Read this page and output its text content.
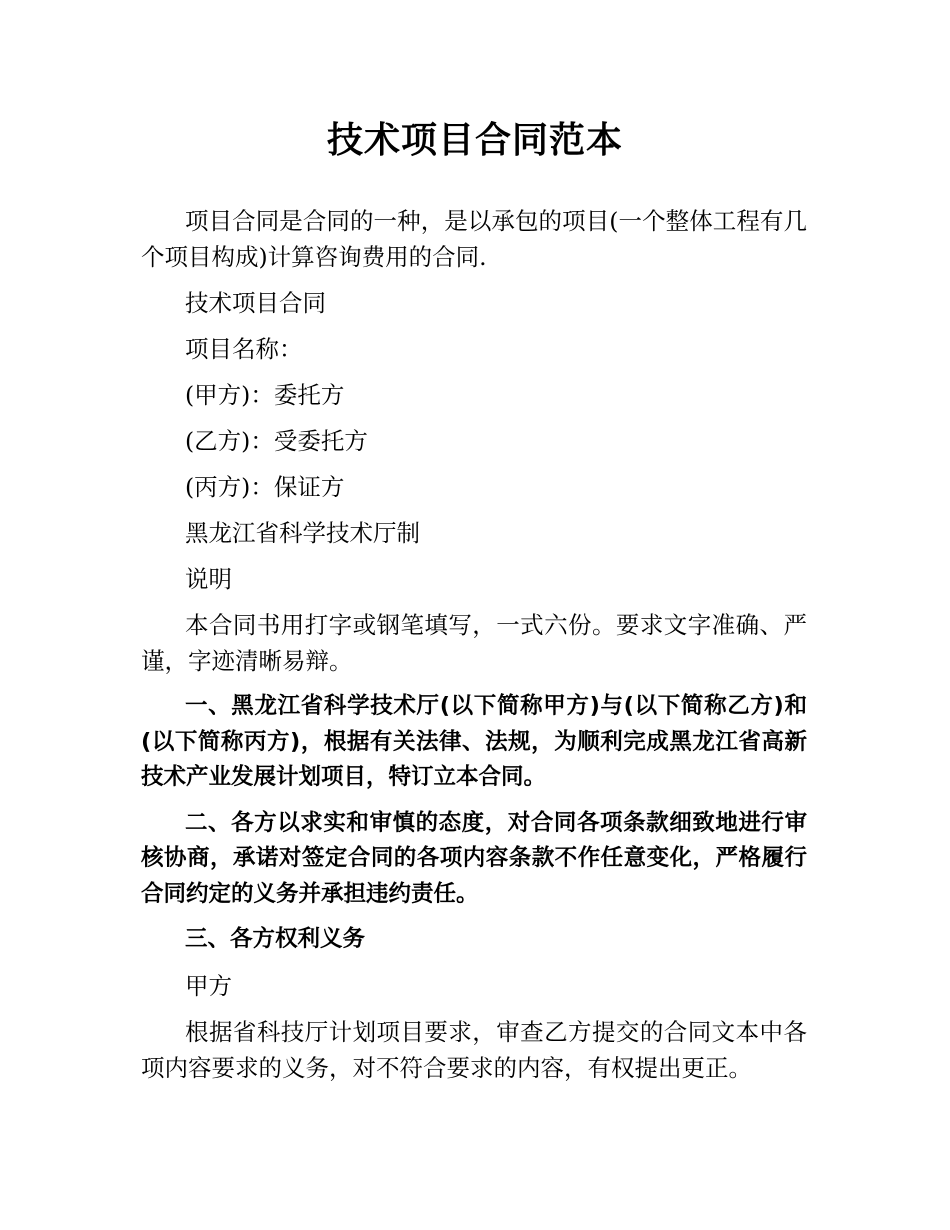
技术项目合同范本

项目合同是合同的一种，是以承包的项目(一个整体工程有几个项目构成)计算咨询费用的合同.

技术项目合同

项目名称：

(甲方)：委托方

(乙方)：受委托方

(丙方)：保证方

黑龙江省科学技术厅制

说明

本合同书用打字或钢笔填写，一式六份。要求文字准确、严谨，字迹清晰易辩。

一、黑龙江省科学技术厅(以下简称甲方)与(以下简称乙方)和(以下简称丙方)，根据有关法律、法规，为顺利完成黑龙江省高新技术产业发展计划项目，特订立本合同。

二、各方以求实和审慎的态度，对合同各项条款细致地进行审核协商，承诺对签定合同的各项内容条款不作任意变化，严格履行合同约定的义务并承担违约责任。

三、各方权利义务

甲方

根据省科技厅计划项目要求，审查乙方提交的合同文本中各项内容要求的义务，对不符合要求的内容，有权提出更正。
